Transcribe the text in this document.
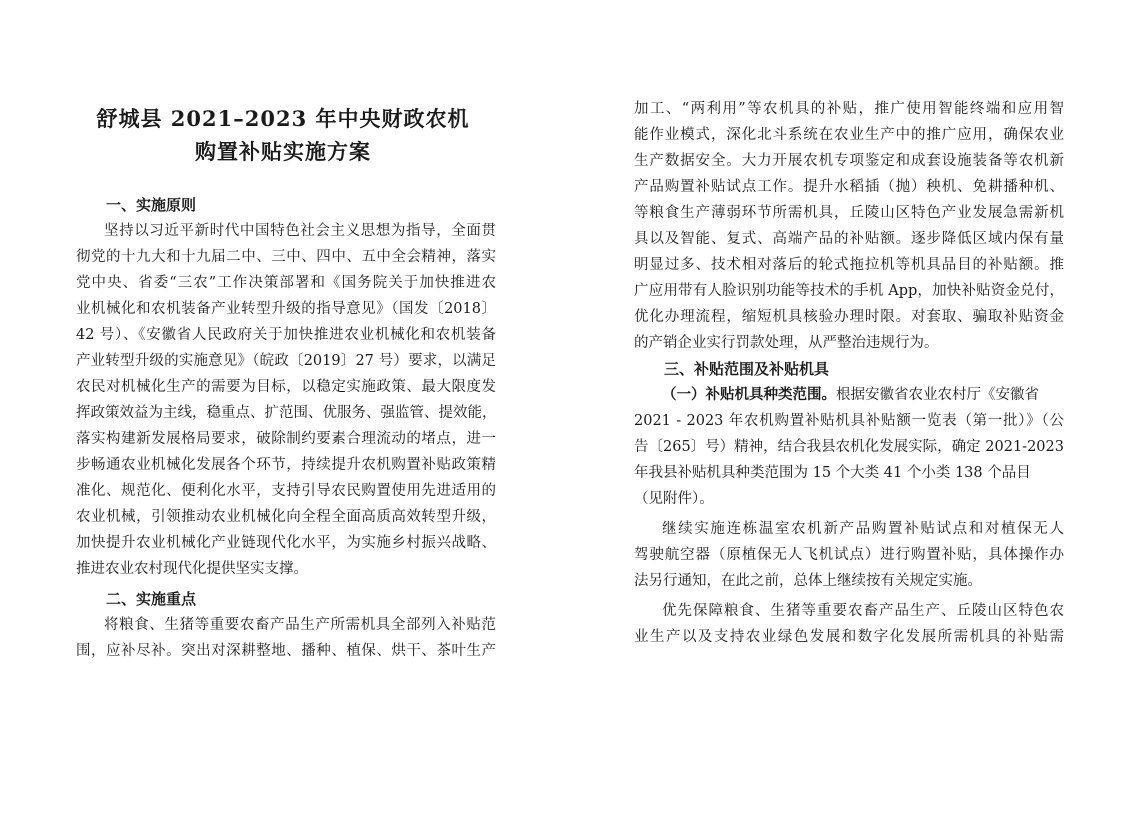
舒城县 2021–2023 年中央财政农机
购置补贴实施方案
一、实施原则
坚持以习近平新时代中国特色社会主义思想为指导，全面贯
彻党的十九大和十九届二中、三中、四中、五中全会精神，落实
党中央、省委“三农”工作决策部署和《国务院关于加快推进农
业机械化和农机装备产业转型升级的指导意见》（国发〔2018〕
42 号）、《安徽省人民政府关于加快推进农业机械化和农机装备
产业转型升级的实施意见》（皖政〔2019〕27 号）要求，以满足
农民对机械化生产的需要为目标，以稳定实施政策、最大限度发
挥政策效益为主线，稳重点、扩范围、优服务、强监管、提效能，
落实构建新发展格局要求，破除制约要素合理流动的堵点，进一
步畅通农业机械化发展各个环节，持续提升农机购置补贴政策精
准化、规范化、便利化水平，支持引导农民购置使用先进适用的
农业机械，引领推动农业机械化向全程全面高质高效转型升级，
加快提升农业机械化产业链现代化水平，为实施乡村振兴战略、
推进农业农村现代化提供坚实支撑。
二、实施重点
将粮食、生猪等重要农畜产品生产所需机具全部列入补贴范
围，应补尽补。突出对深耕整地、播种、植保、烘干、茶叶生产
加工、“两利用”等农机具的补贴，推广使用智能终端和应用智
能作业模式，深化北斗系统在农业生产中的推广应用，确保农业
生产数据安全。大力开展农机专项鉴定和成套设施装备等农机新
产品购置补贴试点工作。提升水稻插（抛）秧机、免耕播种机、
等粮食生产薄弱环节所需机具，丘陵山区特色产业发展急需新机
具以及智能、复式、高端产品的补贴额。逐步降低区域内保有量
明显过多、技术相对落后的轮式拖拉机等机具品目的补贴额。推
广应用带有人脸识别功能等技术的手机 App，加快补贴资金兑付，
优化办理流程，缩短机具核验办理时限。对套取、骗取补贴资金
的产销企业实行罚款处理，从严整治违规行为。
三、补贴范围及补贴机具
（一）补贴机具种类范围。根据安徽省农业农村厅《安徽省
2021 - 2023 年农机购置补贴机具补贴额一览表（第一批）》（公
告〔265〕号）精神，结合我县农机化发展实际，确定 2021-2023
年我县补贴机具种类范围为 15 个大类 41 个小类 138 个品目
（见附件）。
继续实施连栋温室农机新产品购置补贴试点和对植保无人
驾驶航空器（原植保无人飞机试点）进行购置补贴，具体操作办
法另行通知，在此之前，总体上继续按有关规定实施。
优先保障粮食、生猪等重要农畜产品生产、丘陵山区特色农
业生产以及支持农业绿色发展和数字化发展所需机具的补贴需
